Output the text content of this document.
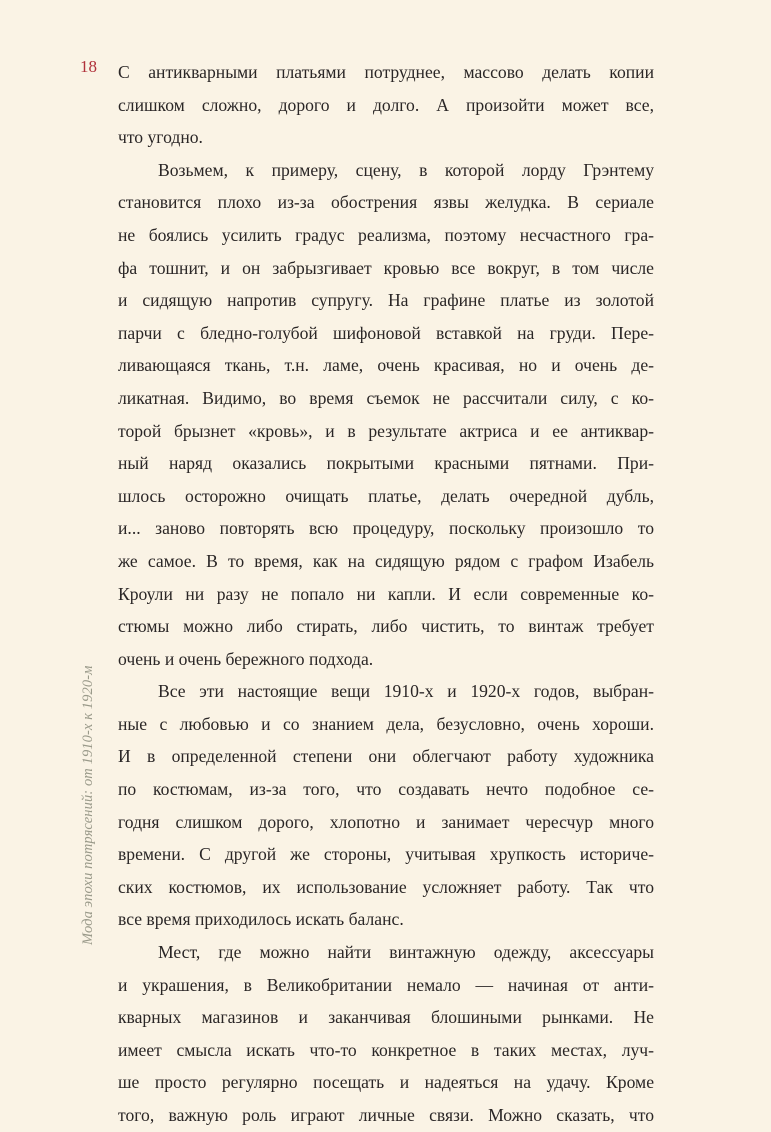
18
Мода эпохи потрясений: от 1910-х к 1920-м
С антикварными платьями потруднее, массово делать копии
слишком сложно, дорого и долго. А произойти может все,
что угодно.
Возьмем, к примеру, сцену, в которой лорду Грэнтему
становится плохо из-за обострения язвы желудка. В сериале
не боялись усилить градус реализма, поэтому несчастного гра-
фа тошнит, и он забрызгивает кровью все вокруг, в том числе
и сидящую напротив супругу. На графине платье из золотой
парчи с бледно-голубой шифоновой вставкой на груди. Пере-
ливающаяся ткань, т.н. ламе, очень красивая, но и очень де-
ликатная. Видимо, во время съемок не рассчитали силу, с ко-
торой брызнет «кровь», и в результате актриса и ее антиквар-
ный наряд оказались покрытыми красными пятнами. При-
шлось осторожно очищать платье, делать очередной дубль,
и... заново повторять всю процедуру, поскольку произошло то
же самое. В то время, как на сидящую рядом с графом Изабель
Кроули ни разу не попало ни капли. И если современные ко-
стюмы можно либо стирать, либо чистить, то винтаж требует
очень и очень бережного подхода.
Все эти настоящие вещи 1910-х и 1920-х годов, выбран-
ные с любовью и со знанием дела, безусловно, очень хороши.
И в определенной степени они облегчают работу художника
по костюмам, из-за того, что создавать нечто подобное се-
годня слишком дорого, хлопотно и занимает чересчур много
времени. С другой же стороны, учитывая хрупкость историче-
ских костюмов, их использование усложняет работу. Так что
все время приходилось искать баланс.
Мест, где можно найти винтажную одежду, аксессуары
и украшения, в Великобритании немало — начиная от анти-
кварных магазинов и заканчивая блошиными рынками. Не
имеет смысла искать что-то конкретное в таких местах, луч-
ше просто регулярно посещать и надеяться на удачу. Кроме
того, важную роль играют личные связи. Можно сказать, что
